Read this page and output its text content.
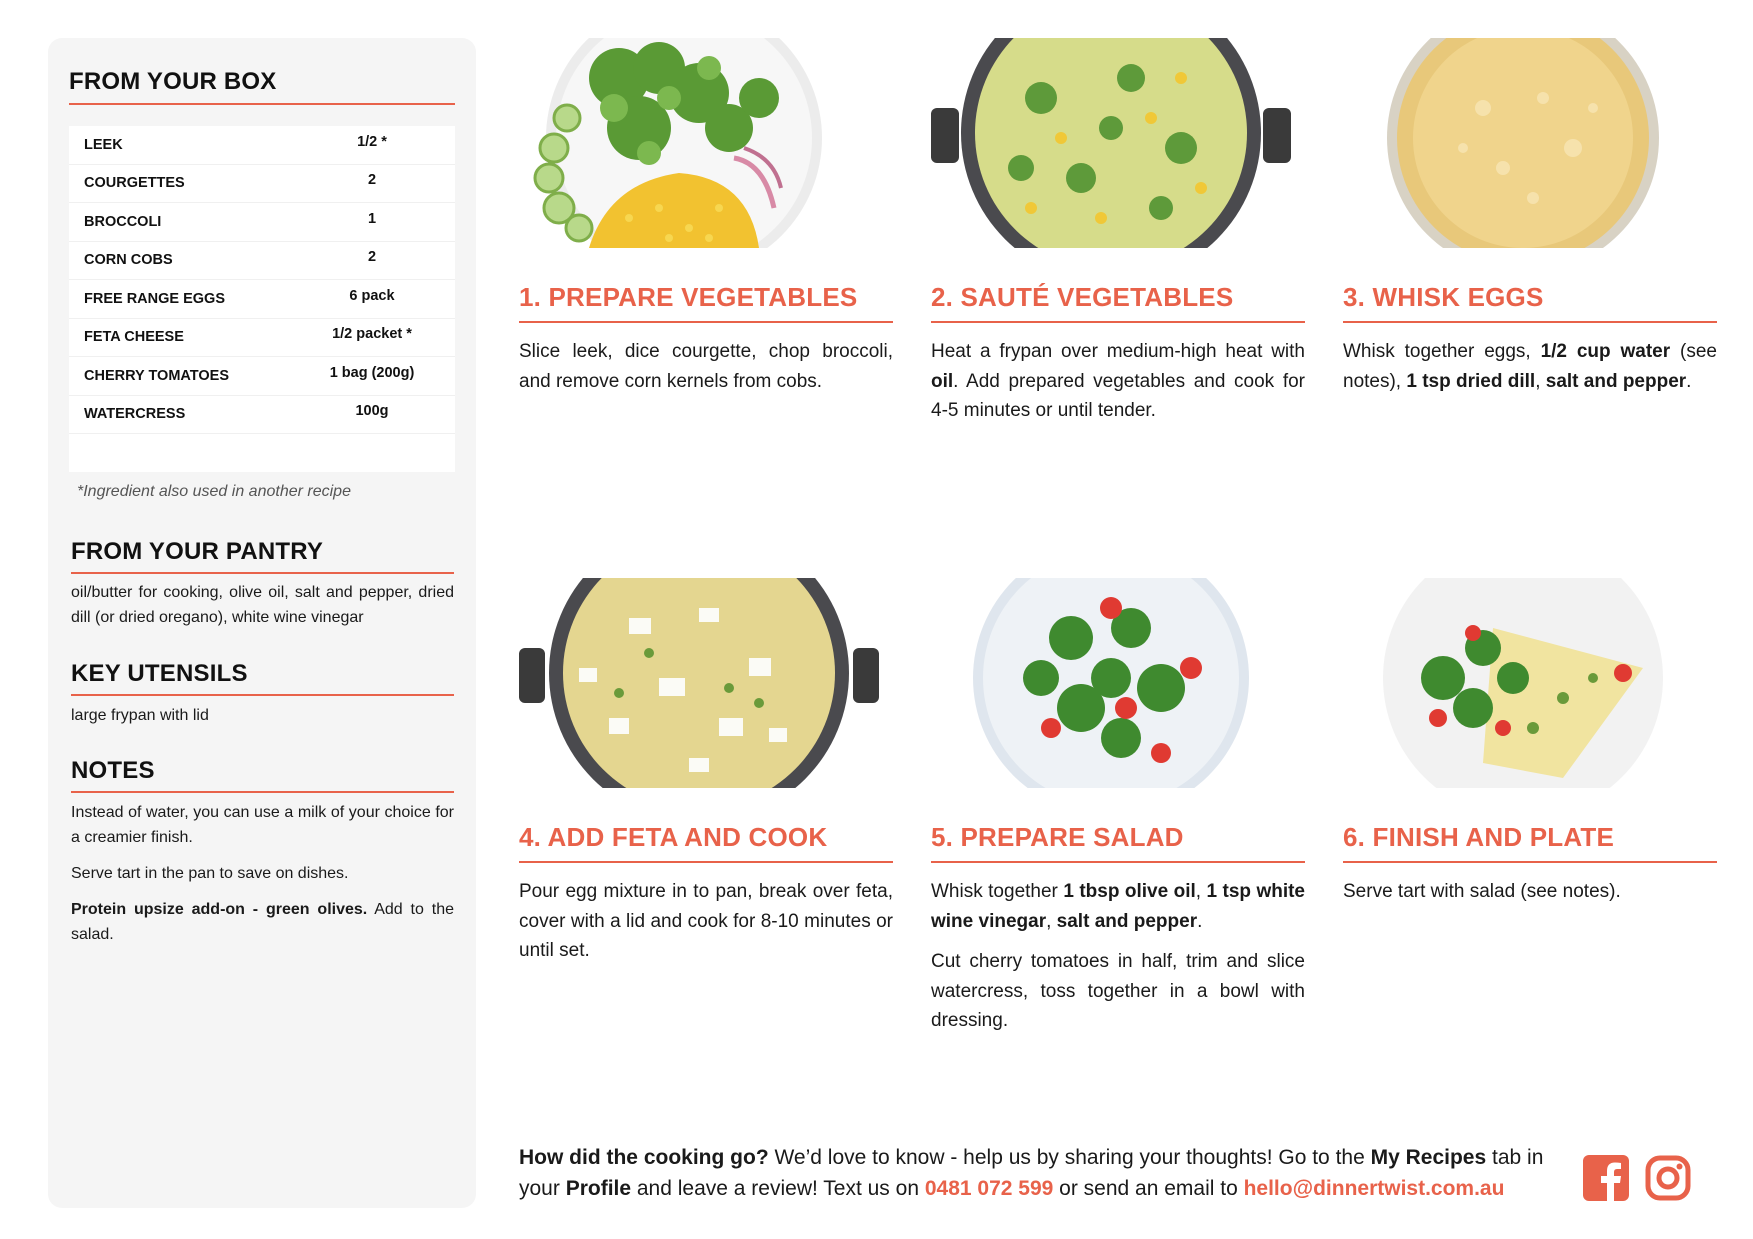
FROM YOUR BOX
LEEK	1/2 *
COURGETTES	2
BROCCOLI	1
CORN COBS	2
FREE RANGE EGGS	6 pack
FETA CHEESE	1/2 packet *
CHERRY TOMATOES	1 bag (200g)
WATERCRESS	100g
*Ingredient also used in another recipe
FROM YOUR PANTRY
oil/butter for cooking, olive oil, salt and pepper, dried dill (or dried oregano), white wine vinegar
KEY UTENSILS
large frypan with lid
NOTES

Instead of water, you can use a milk of your choice for a creamier finish.

Serve tart in the pan to save on dishes.

Protein upsize add-on - green olives. Add to the salad.

1. PREPARE VEGETABLES

Slice leek, dice courgette, chop broccoli, and remove corn kernels from cobs.

2. SAUTÉ VEGETABLES

Heat a frypan over medium-high heat with oil. Add prepared vegetables and cook for 4-5 minutes or until tender.

3. WHISK EGGS

Whisk together eggs, 1/2 cup water (see notes), 1 tsp dried dill, salt and pepper.

4. ADD FETA AND COOK

Pour egg mixture in to pan, break over feta, cover with a lid and cook for 8-10 minutes or until set.

5. PREPARE SALAD

Whisk together 1 tbsp olive oil, 1 tsp white wine vinegar, salt and pepper.

Cut cherry tomatoes in half, trim and slice watercress, toss together in a bowl with dressing.

6. FINISH AND PLATE

Serve tart with salad (see notes).

How did the cooking go? We’d love to know - help us by sharing your thoughts! Go to the My Recipes tab in your Profile and leave a review! Text us on 0481 072 599 or send an email to hello@dinnertwist.com.au
